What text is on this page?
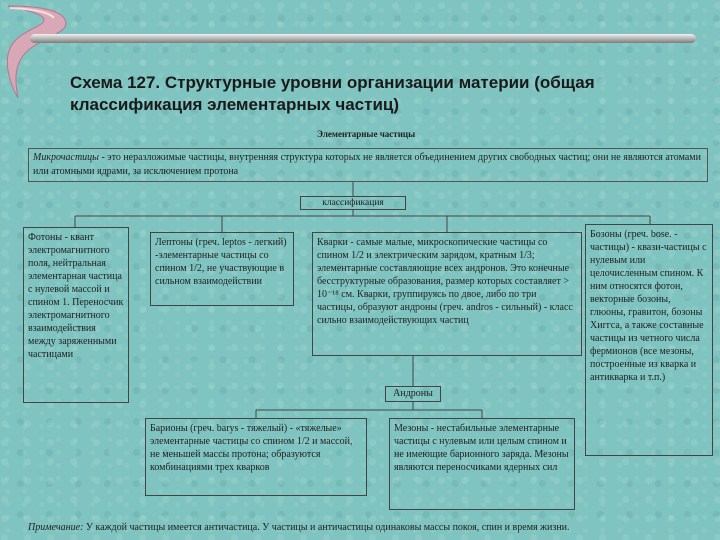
Схема 127. Структурные уровни организации материи (общая классификация элементарных частиц)
Элементарные частицы
Микрочастицы - это неразложимые частицы, внутренняя структура которых не является объединением других свободных частиц; они не являются атомами или атомными ядрами, за исключением протона
классификация
Фотоны - квант электромагнитного поля, нейтральная элементарная частица с нулевой массой и спином 1. Переносчик электромагнитного взаимодействия между заряженными частицами
Лептоны (греч. leptos - легкий) -элементарные частицы со спином 1/2, не участвующие в сильном взаимодействии
Кварки - самые малые, микроскопические частицы со спином 1/2 и электрическим зарядом, кратным 1/3; элементарные составляющие всех андронов. Это конечные бесструктурные образования, размер которых составляет > 10⁻¹⁸ см. Кварки, группируясь по двое, либо по три частицы, образуют андроны (греч. andros - сильный) - класс сильно взаимодействующих частиц
Бозоны (греч. bose. - частицы) - квази-частицы с нулевым или целочисленным спином. К ним относятся фотон, векторные бозоны, глюоны, гравитон, бозоны Хиггса, а также составные частицы из четного числа фермионов (все мезоны, построенные из кварка и антикварка и т.п.)
Андроны
Барионы (греч. barys - тяжелый) - «тяжелые» элементарные частицы со спином 1/2 и массой, не меньшей массы протона; образуются комбинациями трех кварков
Мезоны - нестабильные элементарные частицы с нулевым или целым спином и не имеющие барионного заряда. Мезоны являются переносчиками ядерных сил
Примечание: У каждой частицы имеется античастица. У частицы и античастицы одинаковы массы покоя, спин и время жизни.
